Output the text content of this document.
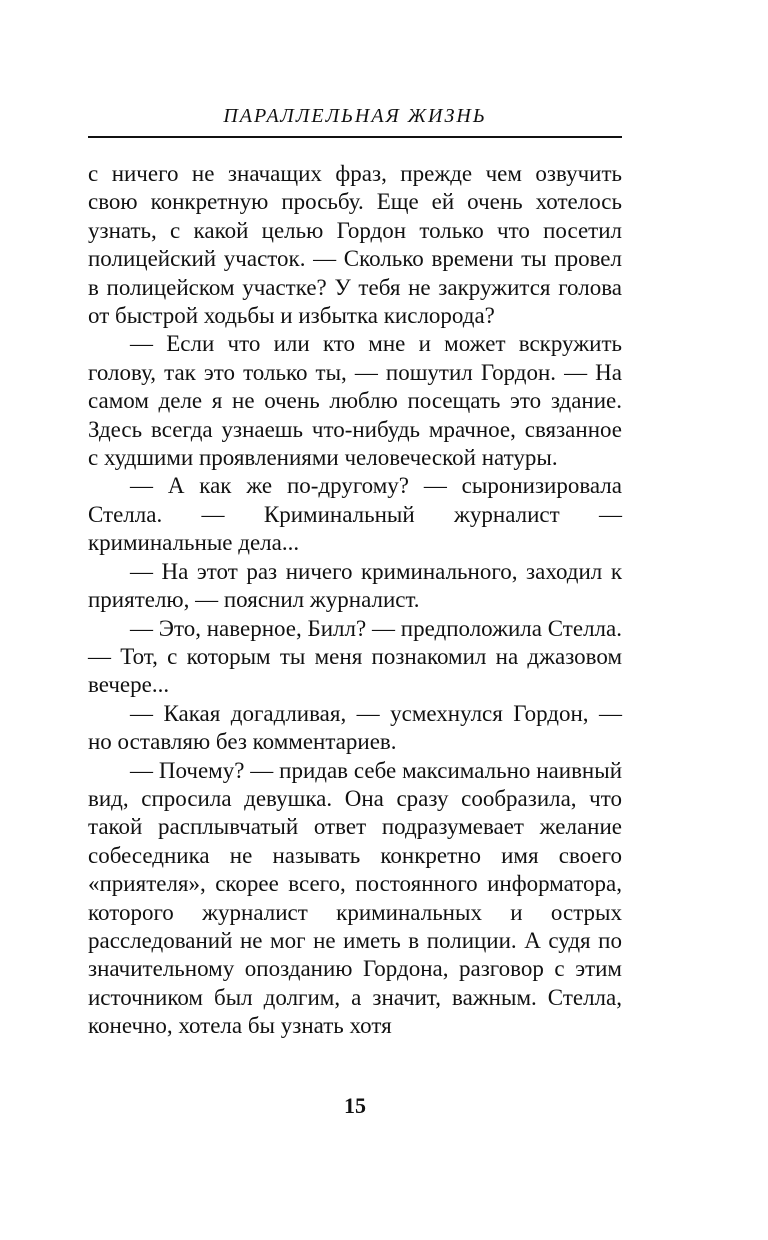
ПАРАЛЛЕЛЬНАЯ ЖИЗНЬ

с ничего не значащих фраз, прежде чем озвучить свою конкретную просьбу. Еще ей очень хотелось узнать, с какой целью Гордон только что посетил полицейский участок. — Сколько времени ты провел в полицейском участке? У тебя не закружится голова от быстрой ходьбы и избытка кислорода?

— Если что или кто мне и может вскружить голову, так это только ты, — пошутил Гордон. — На самом деле я не очень люблю посещать это здание. Здесь всегда узнаешь что-нибудь мрачное, связанное с худшими проявлениями человеческой натуры.

— А как же по-другому? — сыронизировала Стелла. — Криминальный журналист — криминальные дела...

— На этот раз ничего криминального, заходил к приятелю, — пояснил журналист.

— Это, наверное, Билл? — предположила Стелла. — Тот, с которым ты меня познакомил на джазовом вечере...

— Какая догадливая, — усмехнулся Гордон, — но оставляю без комментариев.

— Почему? — придав себе максимально наивный вид, спросила девушка. Она сразу сообразила, что такой расплывчатый ответ подразумевает желание собеседника не называть конкретно имя своего «приятеля», скорее всего, постоянного информатора, которого журналист криминальных и острых расследований не мог не иметь в полиции. А судя по значительному опозданию Гордона, разговор с этим источником был долгим, а значит, важным. Стелла, конечно, хотела бы узнать хотя

15
